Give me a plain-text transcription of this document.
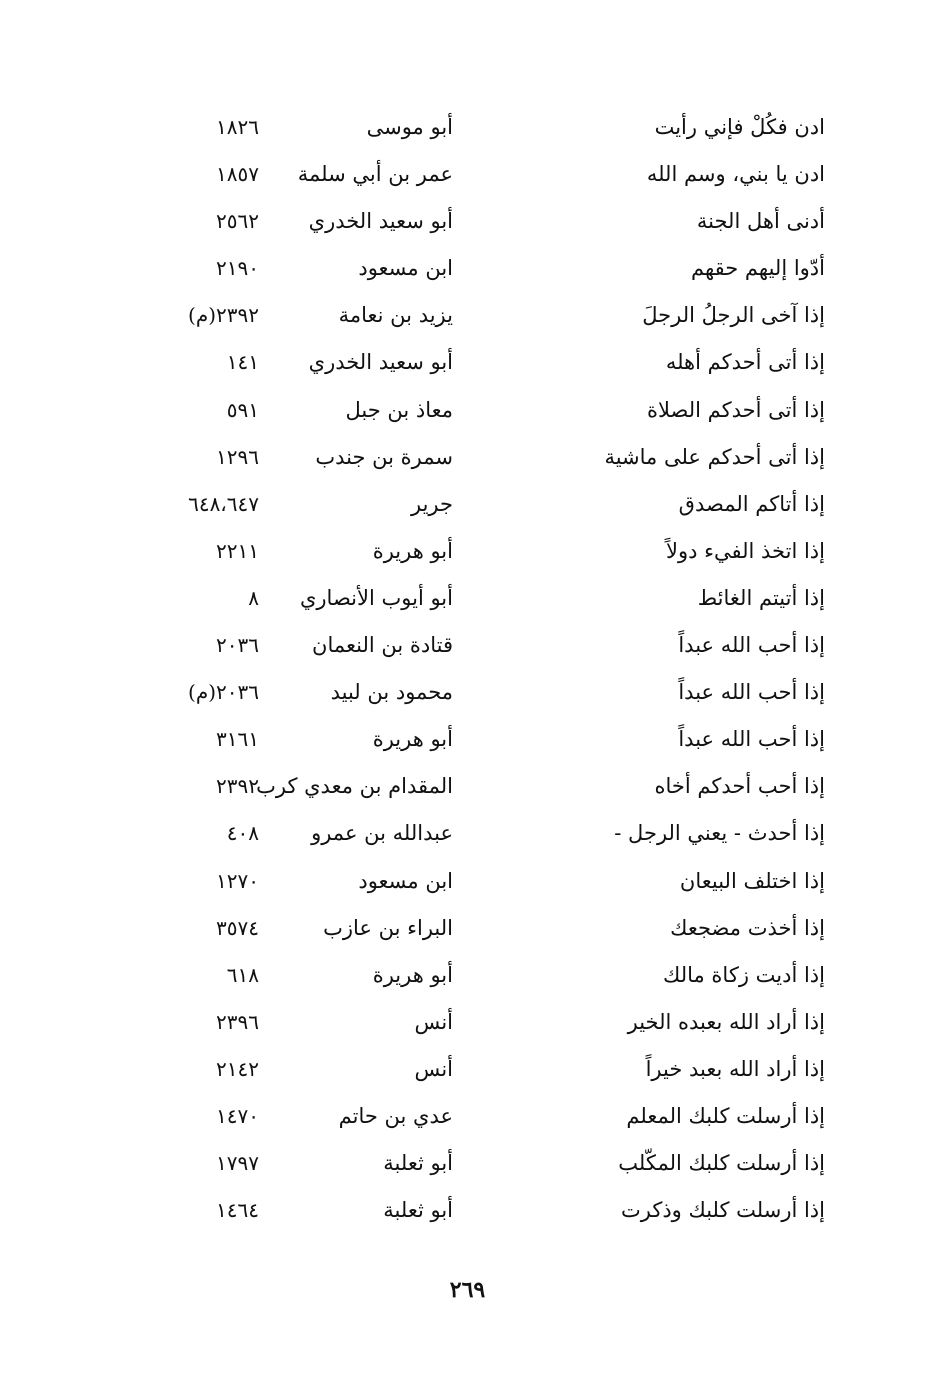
ادن فكُلْ فإني رأيت
أبو موسى
١٨٢٦
ادن يا بني، وسم الله
عمر بن أبي سلمة
١٨٥٧
أدنى أهل الجنة
أبو سعيد الخدري
٢٥٦٢
أدّوا إليهم حقهم
ابن مسعود
٢١٩٠
إذا آخى الرجلُ الرجلَ
يزيد بن نعامة
٢٣٩٢(م)
إذا أتى أحدكم أهله
أبو سعيد الخدري
١٤١
إذا أتى أحدكم الصلاة
معاذ بن جبل
٥٩١
إذا أتى أحدكم على ماشية
سمرة بن جندب
١٢٩٦
إذا أتاكم المصدق
جرير
٦٤٨،٦٤٧
إذا اتخذ الفيء دولاً
أبو هريرة
٢٢١١
إذا أتيتم الغائط
أبو أيوب الأنصاري
٨
إذا أحب الله عبداً
قتادة بن النعمان
٢٠٣٦
إذا أحب الله عبداً
محمود بن لبيد
٢٠٣٦(م)
إذا أحب الله عبداً
أبو هريرة
٣١٦١
إذا أحب أحدكم أخاه
المقدام بن معدي كرب
٢٣٩٢
إذا أحدث - يعني الرجل -
عبدالله بن عمرو
٤٠٨
إذا اختلف البيعان
ابن مسعود
١٢٧٠
إذا أخذت مضجعك
البراء بن عازب
٣٥٧٤
إذا أديت زكاة مالك
أبو هريرة
٦١٨
إذا أراد الله بعبده الخير
أنس
٢٣٩٦
إذا أراد الله بعبد خيراً
أنس
٢١٤٢
إذا أرسلت كلبك المعلم
عدي بن حاتم
١٤٧٠
إذا أرسلت كلبك المكّلب
أبو ثعلبة
١٧٩٧
إذا أرسلت كلبك وذكرت
أبو ثعلبة
١٤٦٤
٢٦٩
